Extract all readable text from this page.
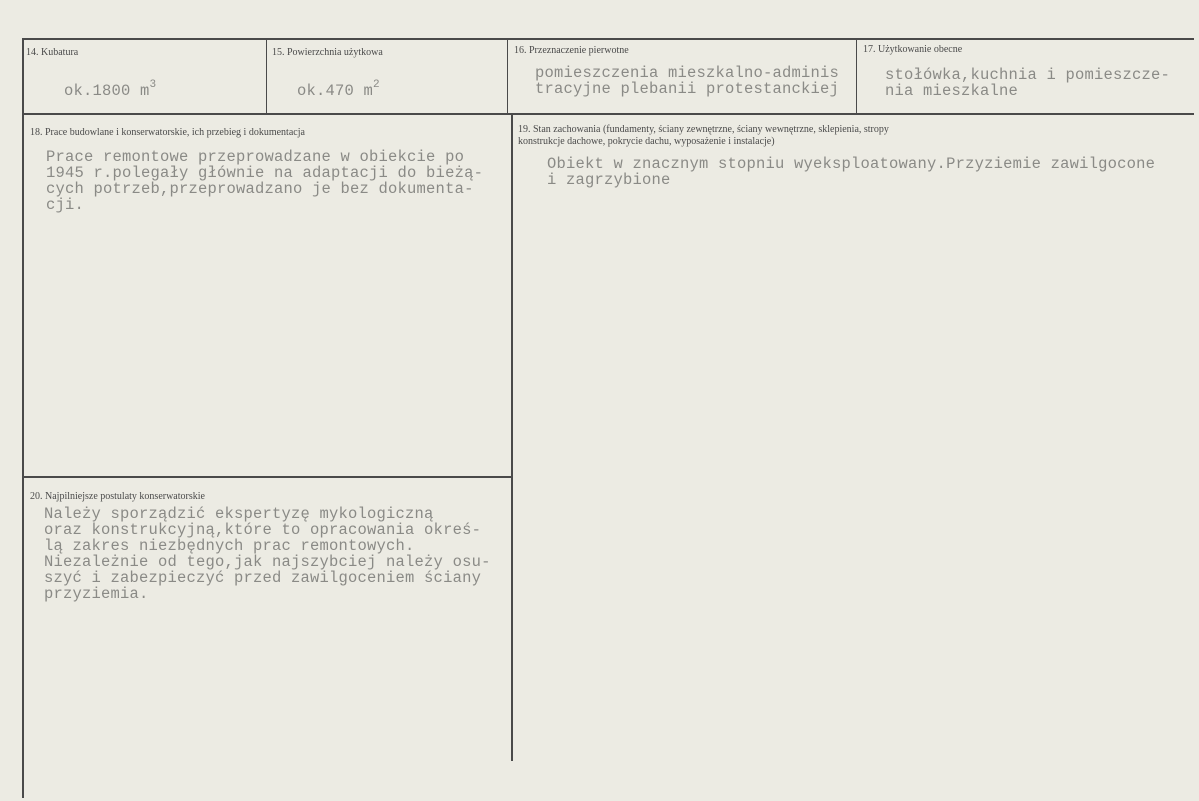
14. Kubatura
ok.1800 $m^3$
15. Powierzchnia użytkowa
ok.470 $m^2$
16. Przeznaczenie pierwotne
pomieszczenia mieszkalno-adminis
tracyjne plebanii protestanckiej
17. Użytkowanie obecne
stołówka,kuchnia i pomieszcze-
nia mieszkalne
18. Prace budowlane i konserwatorskie, ich przebieg i dokumentacja
Prace remontowe przeprowadzane w obiekcie po
1945 r.polegały głównie na adaptacji do bieżą-
cych potrzeb,przeprowadzano je bez dokumenta-
cji.
19. Stan zachowania (fundamenty, ściany zewnętrzne, ściany wewnętrzne, sklepienia, stropy
konstrukcje dachowe, pokrycie dachu, wyposażenie i instalacje)
Obiekt w znacznym stopniu wyeksploatowany.Przyziemie zawilgocone
i zagrzybione
20. Najpilniejsze postulaty konserwatorskie
Należy sporządzić ekspertyzę mykologiczną
oraz konstrukcyjną,które to opracowania okreś-
lą zakres niezbędnych prac remontowych.
Niezależnie od tego,jak najszybciej należy osu-
szyć i zabezpieczyć przed zawilgoceniem ściany
przyziemia.
